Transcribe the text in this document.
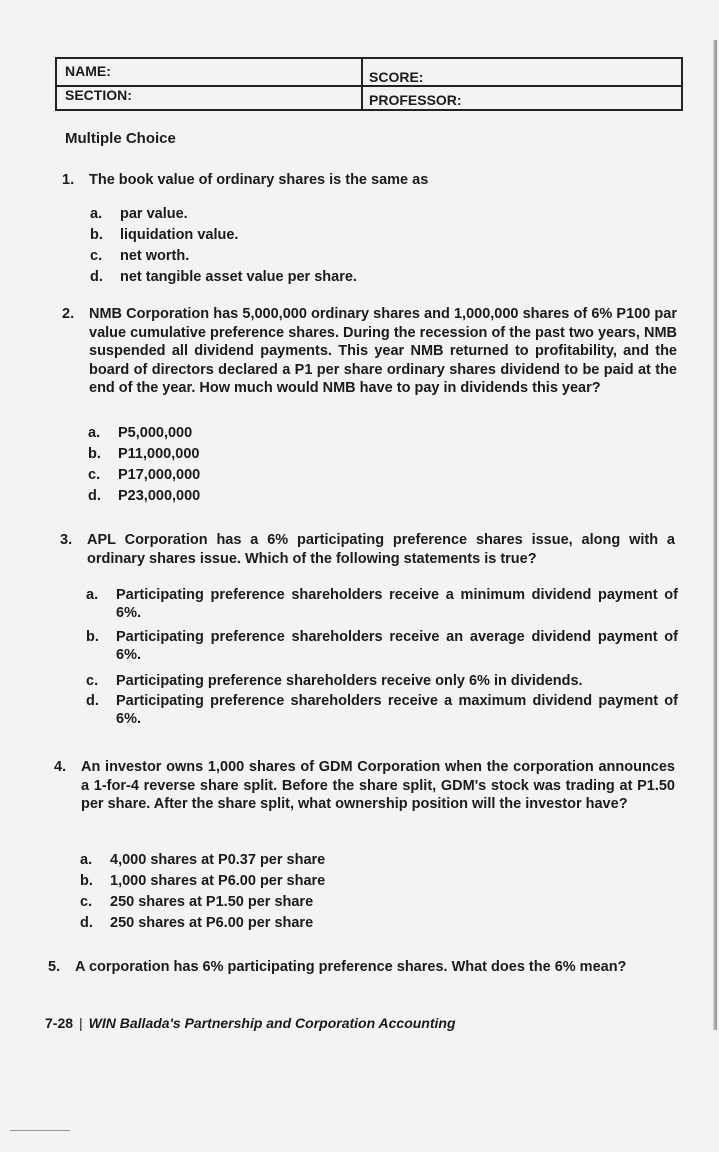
NAME:	SCORE:
SECTION:	PROFESSOR:
Multiple Choice
1. The book value of ordinary shares is the same as
a. par value.
b. liquidation value.
c. net worth.
d. net tangible asset value per share.
2. NMB Corporation has 5,000,000 ordinary shares and 1,000,000 shares of 6% P100 par value cumulative preference shares. During the recession of the past two years, NMB suspended all dividend payments. This year NMB returned to profitability, and the board of directors declared a P1 per share ordinary shares dividend to be paid at the end of the year. How much would NMB have to pay in dividends this year?
a. P5,000,000
b. P11,000,000
c. P17,000,000
d. P23,000,000
3. APL Corporation has a 6% participating preference shares issue, along with a ordinary shares issue. Which of the following statements is true?
a. Participating preference shareholders receive a minimum dividend payment of 6%.
b. Participating preference shareholders receive an average dividend payment of 6%.
c. Participating preference shareholders receive only 6% in dividends.
d. Participating preference shareholders receive a maximum dividend payment of 6%.
4. An investor owns 1,000 shares of GDM Corporation when the corporation announces a 1-for-4 reverse share split. Before the share split, GDM's stock was trading at P1.50 per share. After the share split, what ownership position will the investor have?
a. 4,000 shares at P0.37 per share
b. 1,000 shares at P6.00 per share
c. 250 shares at P1.50 per share
d. 250 shares at P6.00 per share
5. A corporation has 6% participating preference shares. What does the 6% mean?
7-28 | WIN Ballada's Partnership and Corporation Accounting
